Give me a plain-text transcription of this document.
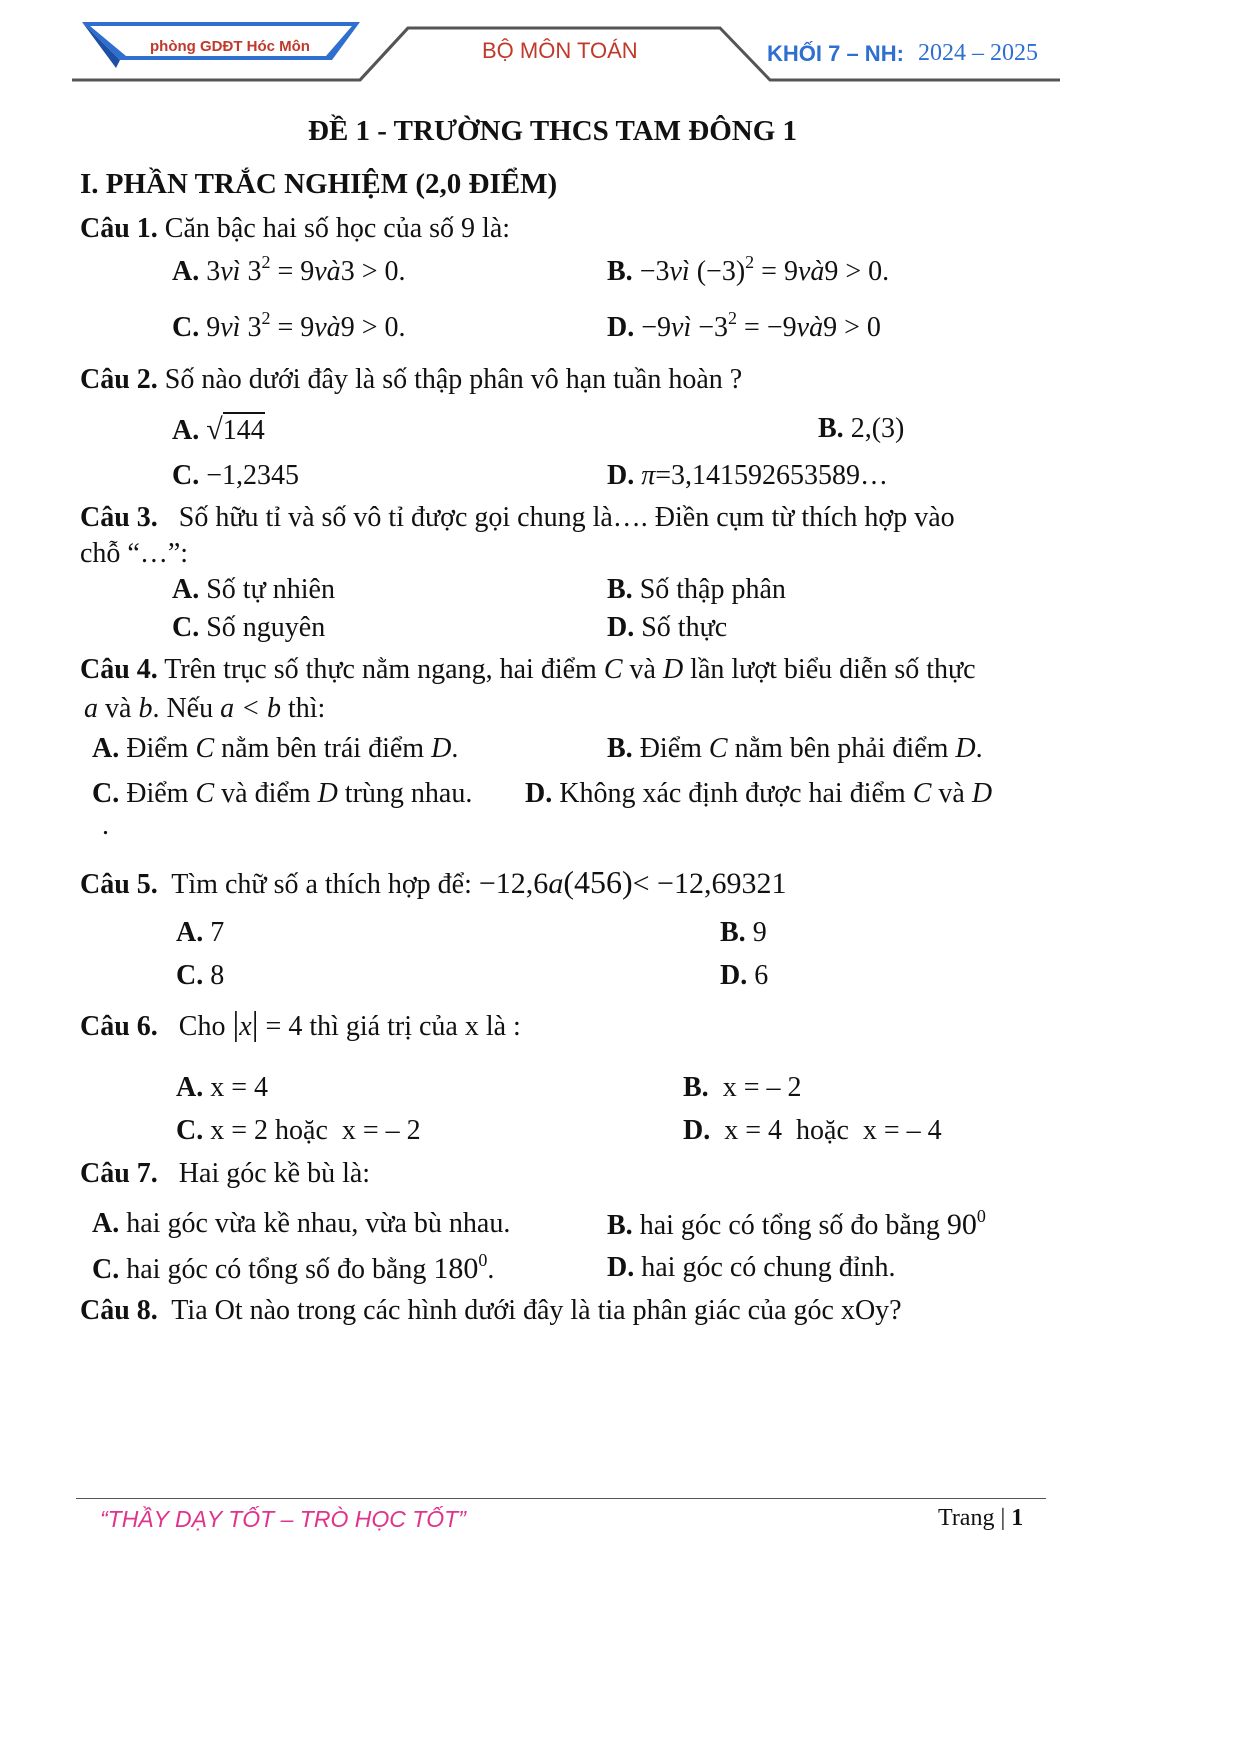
phòng GDĐT Hóc Môn	BỘ MÔN TOÁN	KHỐI 7 – NH: 2024 – 2025
ĐỀ 1 - TRƯỜNG THCS TAM ĐÔNG 1
I. PHẦN TRẮC NGHIỆM (2,0 ĐIỂM)
Câu 1. Căn bậc hai số học của số 9 là:
A. 3vì $3^2$ = 9và3 > 0.	B. −3vì $(-3)^2$ = 9và9 > 0.
C. 9vì $3^2$ = 9và9 > 0.	D. −9vì $-3^2$ = −9và9 > 0
Câu 2. Số nào dưới đây là số thập phân vô hạn tuần hoàn ?
A. √144	B. 2,(3)
C. −1,2345	D. π=3,141592653589…
Câu 3. Số hữu tỉ và số vô tỉ được gọi chung là…. Điền cụm từ thích hợp vào
chỗ “…”:
A. Số tự nhiên	B. Số thập phân
C. Số nguyên	D. Số thực
Câu 4. Trên trục số thực nằm ngang, hai điểm C và D lần lượt biểu diễn số thực
a và b. Nếu a < b thì:
A. Điểm C nằm bên trái điểm D.	B. Điểm C nằm bên phải điểm D.
C. Điểm C và điểm D trùng nhau. D. Không xác định được hai điểm C và D
.
Câu 5. Tìm chữ số a thích hợp để: −12,6a(456)< −12,69321
A. 7	B. 9
C. 8	D. 6
Câu 6. Cho |x| = 4 thì giá trị của x là :
A. x = 4	B. x = – 2
C. x = 2 hoặc  x = – 2	D. x = 4  hoặc  x = – 4
Câu 7. Hai góc kề bù là:
A. hai góc vừa kề nhau, vừa bù nhau.	B. hai góc có tổng số đo bằng $90^0$
C. hai góc có tổng số đo bằng $180^0$.	D. hai góc có chung đỉnh.
Câu 8. Tia Ot nào trong các hình dưới đây là tia phân giác của góc xOy?
“THẦY DẠY TỐT – TRÒ HỌC TỐT”	Trang | 1
